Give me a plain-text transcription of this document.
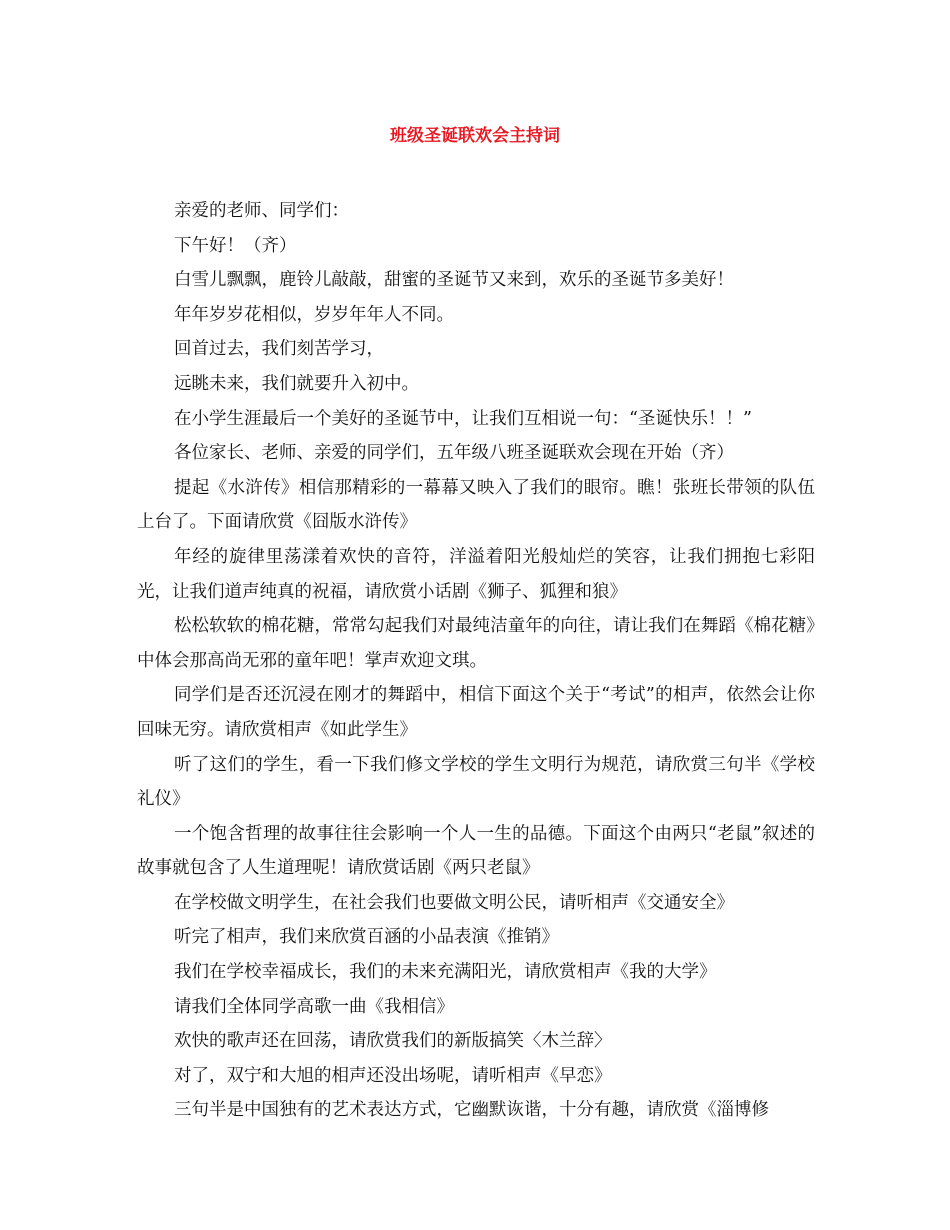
班级圣诞联欢会主持词

亲爱的老师、同学们：

下午好！（齐）

白雪儿飘飘，鹿铃儿敲敲，甜蜜的圣诞节又来到，欢乐的圣诞节多美好！

年年岁岁花相似，岁岁年年人不同。

回首过去，我们刻苦学习，

远眺未来，我们就要升入初中。

在小学生涯最后一个美好的圣诞节中，让我们互相说一句：“圣诞快乐！！”

各位家长、老师、亲爱的同学们，五年级八班圣诞联欢会现在开始（齐）

提起《水浒传》相信那精彩的一幕幕又映入了我们的眼帘。瞧！张班长带领的队伍上台了。下面请欣赏《囧版水浒传》

年经的旋律里荡漾着欢快的音符，洋溢着阳光般灿烂的笑容，让我们拥抱七彩阳光，让我们道声纯真的祝福，请欣赏小话剧《狮子、狐狸和狼》

松松软软的棉花糖，常常勾起我们对最纯洁童年的向往，请让我们在舞蹈《棉花糖》中体会那高尚无邪的童年吧！掌声欢迎文琪。

同学们是否还沉浸在刚才的舞蹈中，相信下面这个关于“考试”的相声，依然会让你回味无穷。请欣赏相声《如此学生》

听了这们的学生，看一下我们修文学校的学生文明行为规范，请欣赏三句半《学校礼仪》

一个饱含哲理的故事往往会影响一个人一生的品德。下面这个由两只“老鼠”叙述的故事就包含了人生道理呢！请欣赏话剧《两只老鼠》

在学校做文明学生，在社会我们也要做文明公民，请听相声《交通安全》

听完了相声，我们来欣赏百涵的小品表演《推销》

我们在学校幸福成长，我们的未来充满阳光，请欣赏相声《我的大学》

请我们全体同学高歌一曲《我相信》

欢快的歌声还在回荡，请欣赏我们的新版搞笑〈木兰辞〉

对了，双宁和大旭的相声还没出场呢，请听相声《早恋》

三句半是中国独有的艺术表达方式，它幽默诙谐，十分有趣，请欣赏《淄博修
